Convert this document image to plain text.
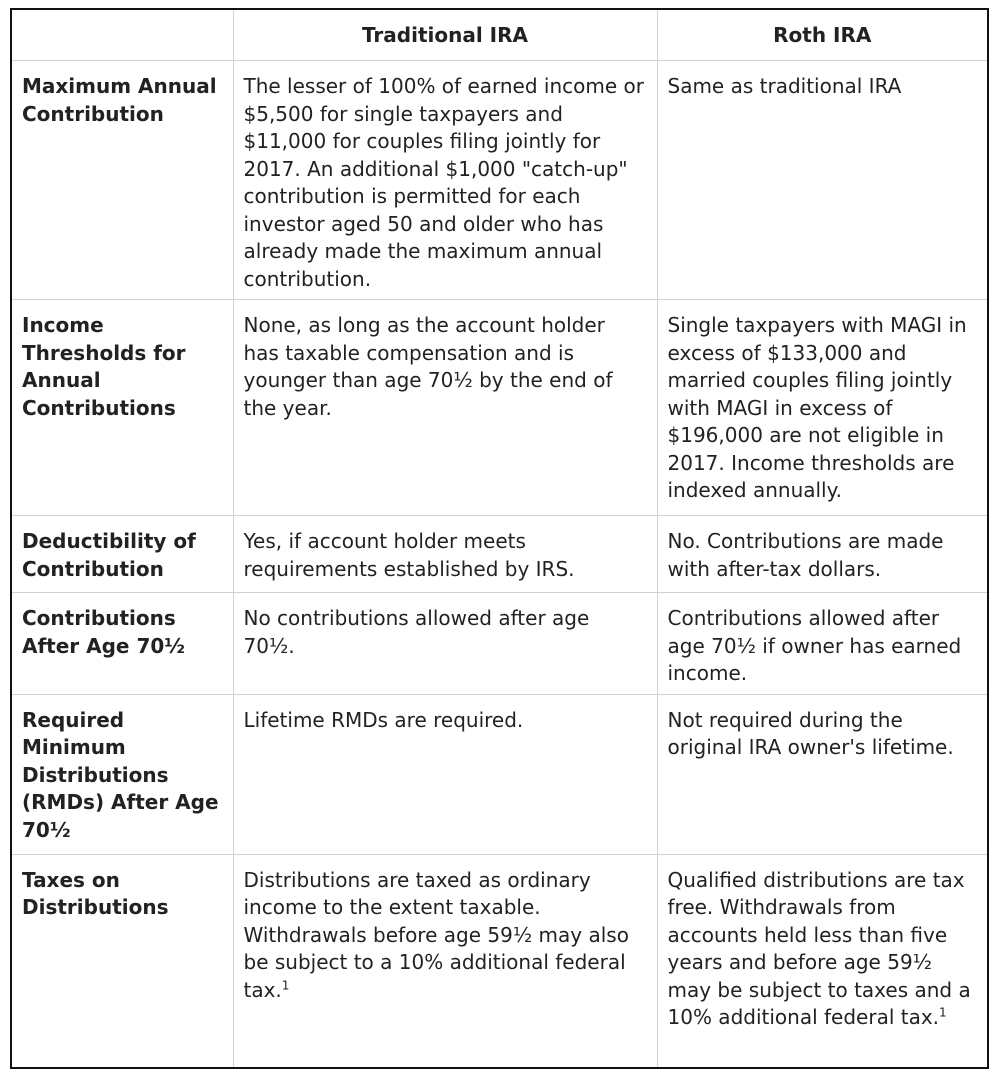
	Traditional IRA	Roth IRA
Maximum Annual Contribution	The lesser of 100% of earned income or $5,500 for single taxpayers and $11,000 for couples filing jointly for 2017. An additional $1,000 "catch-up" contribution is permitted for each investor aged 50 and older who has already made the maximum annual contribution.	Same as traditional IRA
Income Thresholds for Annual Contributions	None, as long as the account holder has taxable compensation and is younger than age 70½ by the end of the year.	Single taxpayers with MAGI in excess of $133,000 and married couples filing jointly with MAGI in excess of $196,000 are not eligible in 2017. Income thresholds are indexed annually.
Deductibility of Contribution	Yes, if account holder meets requirements established by IRS.	No. Contributions are made with after-tax dollars.
Contributions After Age 70½	No contributions allowed after age 70½.	Contributions allowed after age 70½ if owner has earned income.
Required Minimum Distributions (RMDs) After Age 70½	Lifetime RMDs are required.	Not required during the original IRA owner's lifetime.
Taxes on Distributions	Distributions are taxed as ordinary income to the extent taxable. Withdrawals before age 59½ may also be subject to a 10% additional federal tax.$^1$	Qualified distributions are tax free. Withdrawals from accounts held less than five years and before age 59½ may be subject to taxes and a 10% additional federal tax.$^1$
